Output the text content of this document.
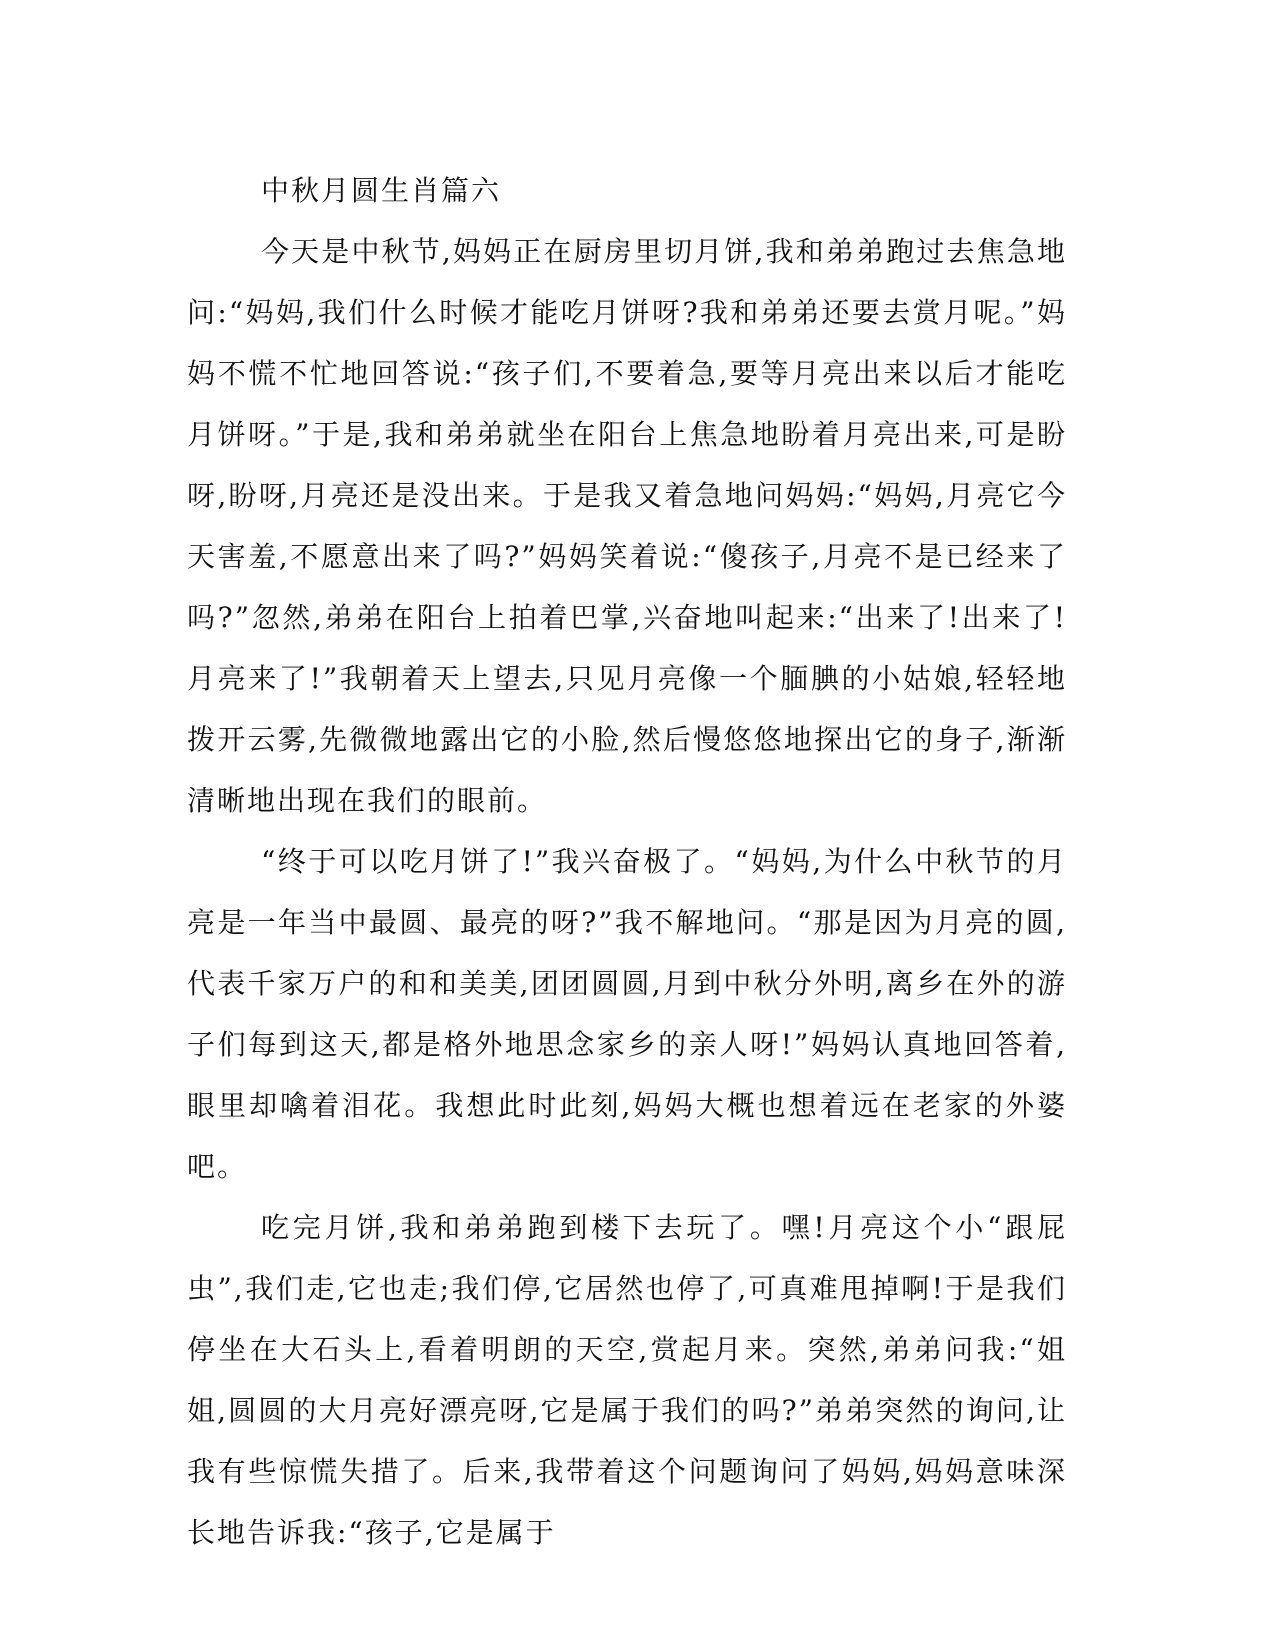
中秋月圆生肖篇六

今天是中秋节,妈妈正在厨房里切月饼,我和弟弟跑过去焦急地问:“妈妈,我们什么时候才能吃月饼呀?我和弟弟还要去赏月呢。”妈妈不慌不忙地回答说:“孩子们,不要着急,要等月亮出来以后才能吃月饼呀。”于是,我和弟弟就坐在阳台上焦急地盼着月亮出来,可是盼呀,盼呀,月亮还是没出来。于是我又着急地问妈妈:“妈妈,月亮它今天害羞,不愿意出来了吗?”妈妈笑着说:“傻孩子,月亮不是已经来了吗?”忽然,弟弟在阳台上拍着巴掌,兴奋地叫起来:“出来了!出来了!月亮来了!”我朝着天上望去,只见月亮像一个腼腆的小姑娘,轻轻地拨开云雾,先微微地露出它的小脸,然后慢悠悠地探出它的身子,渐渐清晰地出现在我们的眼前。

“终于可以吃月饼了!”我兴奋极了。“妈妈,为什么中秋节的月亮是一年当中最圆、最亮的呀?”我不解地问。“那是因为月亮的圆,代表千家万户的和和美美,团团圆圆,月到中秋分外明,离乡在外的游子们每到这天,都是格外地思念家乡的亲人呀!”妈妈认真地回答着,眼里却噙着泪花。我想此时此刻,妈妈大概也想着远在老家的外婆吧。

吃完月饼,我和弟弟跑到楼下去玩了。嘿!月亮这个小“跟屁虫”,我们走,它也走;我们停,它居然也停了,可真难甩掉啊!于是我们停坐在大石头上,看着明朗的天空,赏起月来。突然,弟弟问我:“姐姐,圆圆的大月亮好漂亮呀,它是属于我们的吗?”弟弟突然的询问,让我有些惊慌失措了。后来,我带着这个问题询问了妈妈,妈妈意味深长地告诉我:“孩子,它是属于
